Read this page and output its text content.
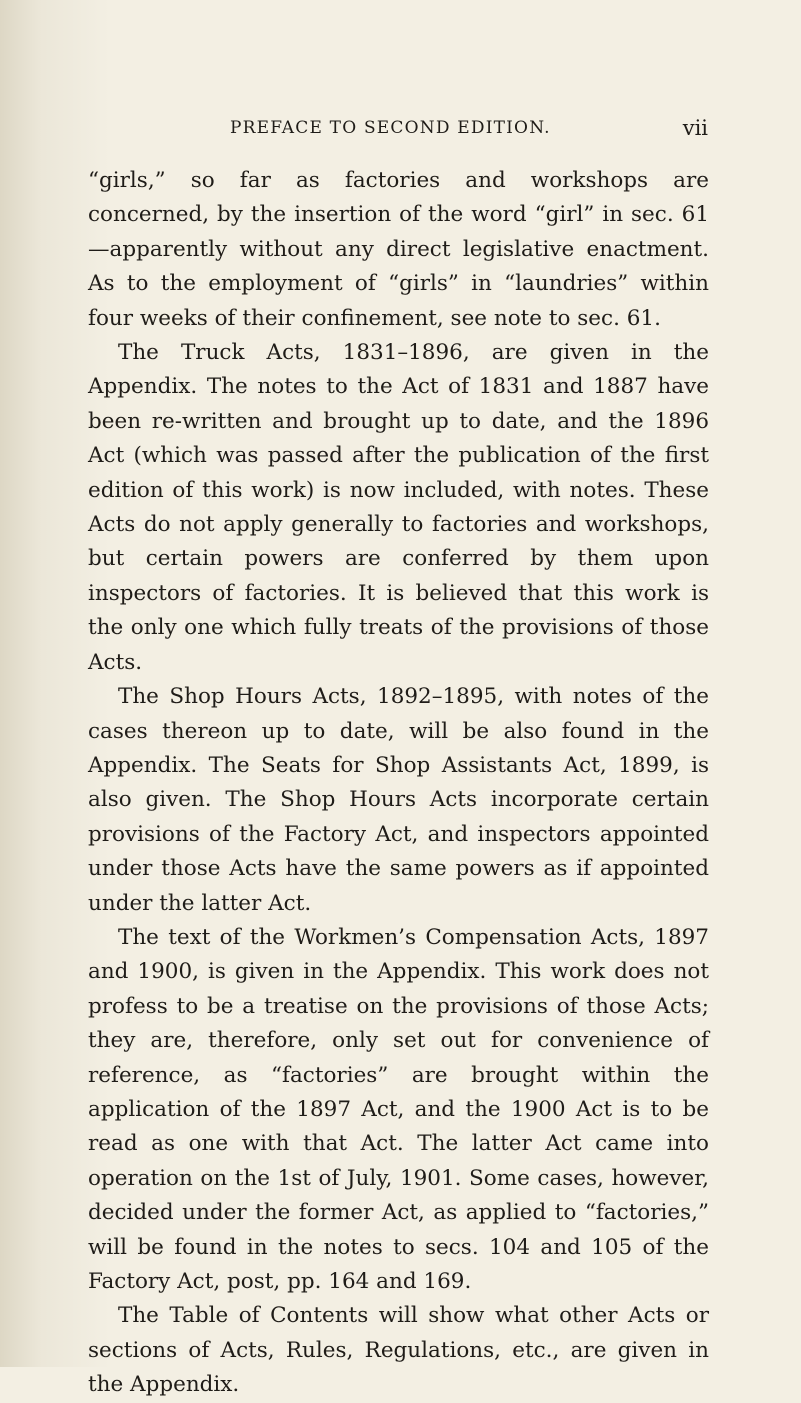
PREFACE TO SECOND EDITION.	vii

“girls,” so far as factories and workshops are concerned, by the insertion of the word “girl” in sec. 61—apparently without any direct legislative enactment. As to the employment of “girls” in “laundries” within four weeks of their confinement, see note to sec. 61.

The Truck Acts, 1831–1896, are given in the Appendix. The notes to the Act of 1831 and 1887 have been re-written and brought up to date, and the 1896 Act (which was passed after the publication of the first edition of this work) is now included, with notes. These Acts do not apply generally to factories and workshops, but certain powers are conferred by them upon inspectors of factories. It is believed that this work is the only one which fully treats of the provisions of those Acts.

The Shop Hours Acts, 1892–1895, with notes of the cases thereon up to date, will be also found in the Appendix. The Seats for Shop Assistants Act, 1899, is also given. The Shop Hours Acts incorporate certain provisions of the Factory Act, and inspectors appointed under those Acts have the same powers as if appointed under the latter Act.

The text of the Workmen’s Compensation Acts, 1897 and 1900, is given in the Appendix. This work does not profess to be a treatise on the provisions of those Acts; they are, therefore, only set out for convenience of reference, as “factories” are brought within the application of the 1897 Act, and the 1900 Act is to be read as one with that Act. The latter Act came into operation on the 1st of July, 1901. Some cases, however, decided under the former Act, as applied to “factories,” will be found in the notes to secs. 104 and 105 of the Factory Act, post, pp. 164 and 169.

The Table of Contents will show what other Acts or sections of Acts, Rules, Regulations, etc., are given in the Appendix.
